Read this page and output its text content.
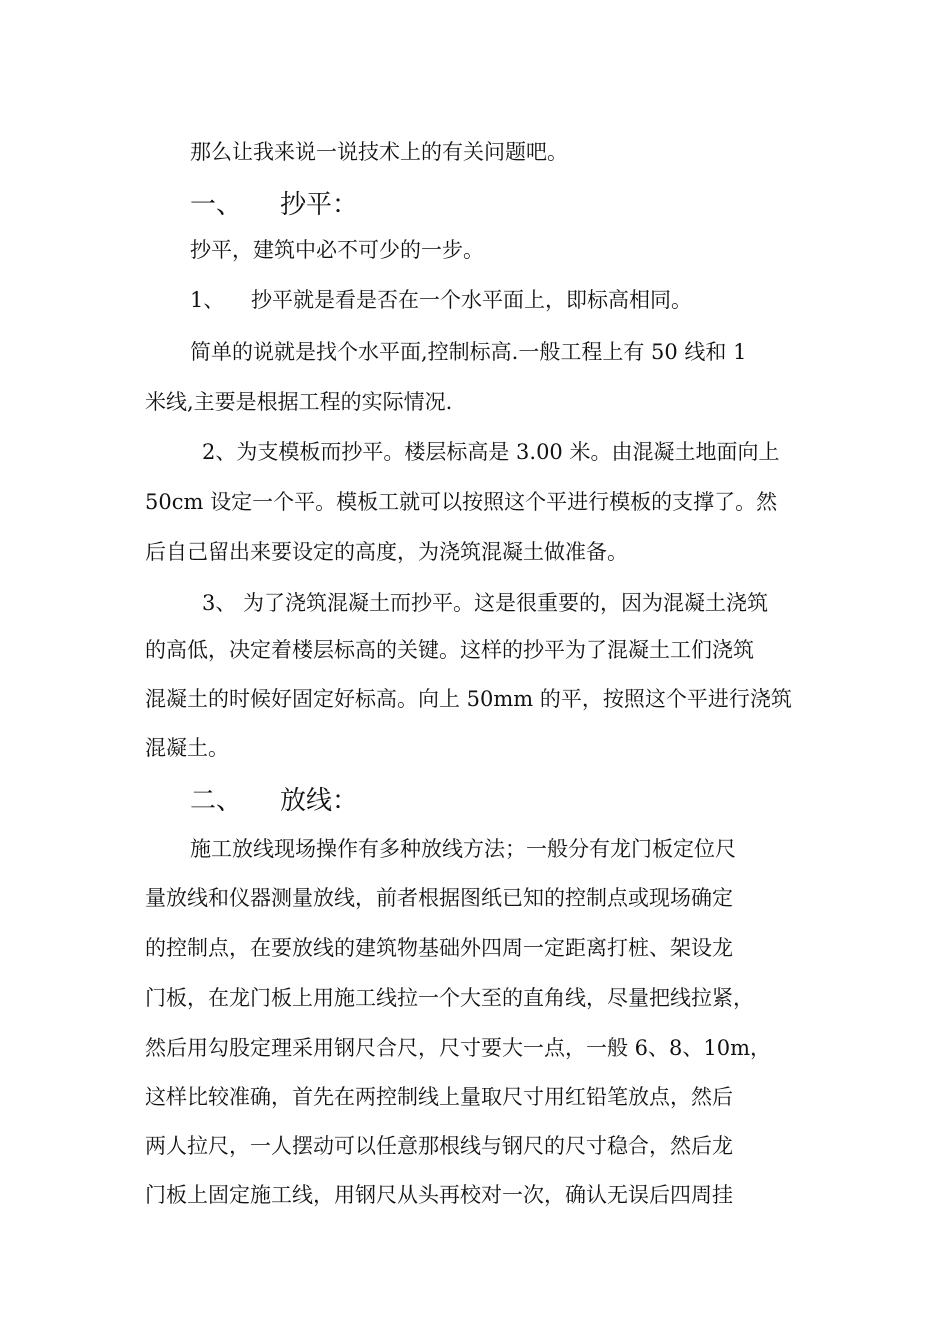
那么让我来说一说技术上的有关问题吧。
一、 抄平：
抄平，建筑中必不可少的一步。
1、    抄平就是看是否在一个水平面上，即标高相同。
简单的说就是找个水平面,控制标高.一般工程上有 50 线和 1
米线,主要是根据工程的实际情况.
2、为支模板而抄平。楼层标高是 3.00 米。由混凝土地面向上
50cm 设定一个平。模板工就可以按照这个平进行模板的支撑了。然
后自己留出来要设定的高度，为浇筑混凝土做准备。
3、 为了浇筑混凝土而抄平。这是很重要的，因为混凝土浇筑
的高低，决定着楼层标高的关键。这样的抄平为了混凝土工们浇筑
混凝土的时候好固定好标高。向上 50mm 的平，按照这个平进行浇筑
混凝土。
二、 放线：
施工放线现场操作有多种放线方法；一般分有龙门板定位尺
量放线和仪器测量放线，前者根据图纸已知的控制点或现场确定
的控制点，在要放线的建筑物基础外四周一定距离打桩、架设龙
门板，在龙门板上用施工线拉一个大至的直角线，尽量把线拉紧，
然后用勾股定理采用钢尺合尺，尺寸要大一点，一般 6、8、10m，
这样比较准确，首先在两控制线上量取尺寸用红铅笔放点，然后
两人拉尺，一人摆动可以任意那根线与钢尺的尺寸稳合，然后龙
门板上固定施工线，用钢尺从头再校对一次，确认无误后四周挂
